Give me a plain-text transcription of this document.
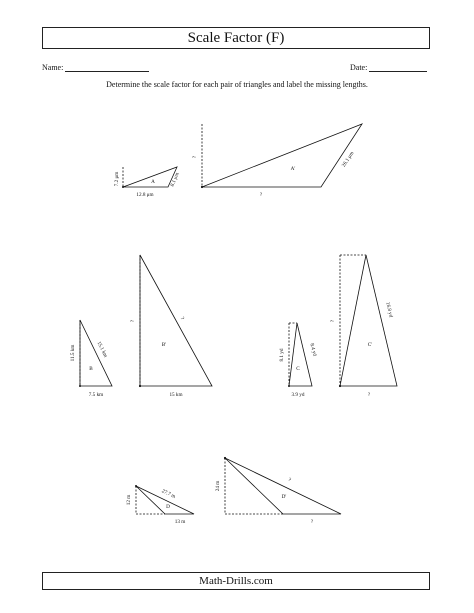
Scale Factor (F)
Name:	Date:
Determine the scale factor for each pair of triangles and label the missing lengths.
7.2 μm
12.8 μm
8.1 μm
A
?
?
26.1 μm
A'
11.5 km
7.5 km
15.1 km
B
?
15 km
?
B'
8.1 yd
3.9 yd
8.4 yd
C
?
?
16.8 yd
C'
12 m
13 m
27.7 m
D
24 m
?
?
D'
Math-Drills.com
